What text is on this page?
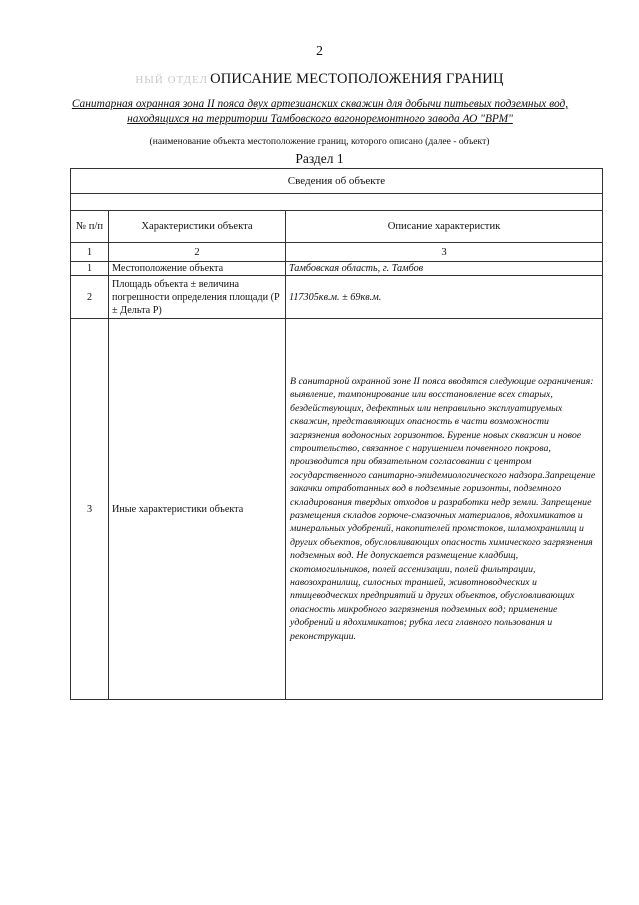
2
НЫЙ ОТДЕЛ ОПИСАНИЕ МЕСТОПОЛОЖЕНИЯ ГРАНИЦ
Санитарная охранная зона II пояса двух артезианских скважин для добычи питьевых подземных вод,
находящихся на территории Тамбовского вагоноремонтного завода АО "ВРМ"
(наименование объекта местоположение границ, которого описано (далее - объект)
Раздел 1
Сведения об объекте		

№ п/п	Характеристики объекта	Описание характеристик
1	2	3
1	Местоположение объекта	Тамбовская область, г. Тамбов
2	Площадь объекта ± величина погрешности определения площади (Р ± Дельта Р)	117305кв.м. ± 69кв.м.
3	Иные характеристики объекта	В санитарной охранной зоне II пояса вводятся следующие ограничения: выявление, тампонирование или восстановление всех старых, бездействующих, дефектных или неправильно эксплуатируемых скважин, представляющих опасность в части возможности загрязнения водоносных горизонтов. Бурение новых скважин и новое строительство, связанное с нарушением почвенного покрова, производится при обязательном согласовании с центром государственного санитарно-эпидемиологического надзора.Запрещение закачки отработанных вод в подземные горизонты, подземного складирования твердых отходов и разработки недр земли. Запрещение размещения складов горюче-смазочных материалов, ядохимикатов и минеральных удобрений, накопителей промстоков, шламохранилищ и других объектов, обусловливающих опасность химического загрязнения подземных вод. Не допускается размещение кладбищ, скотомогильников, полей ассенизации, полей фильтрации, навозохранилищ, силосных траншей, животноводческих и птицеводческих предприятий и других объектов, обусловливающих опасность микробного загрязнения подземных вод; применение удобрений и ядохимикатов; рубка леса главного пользования и реконструкции.
